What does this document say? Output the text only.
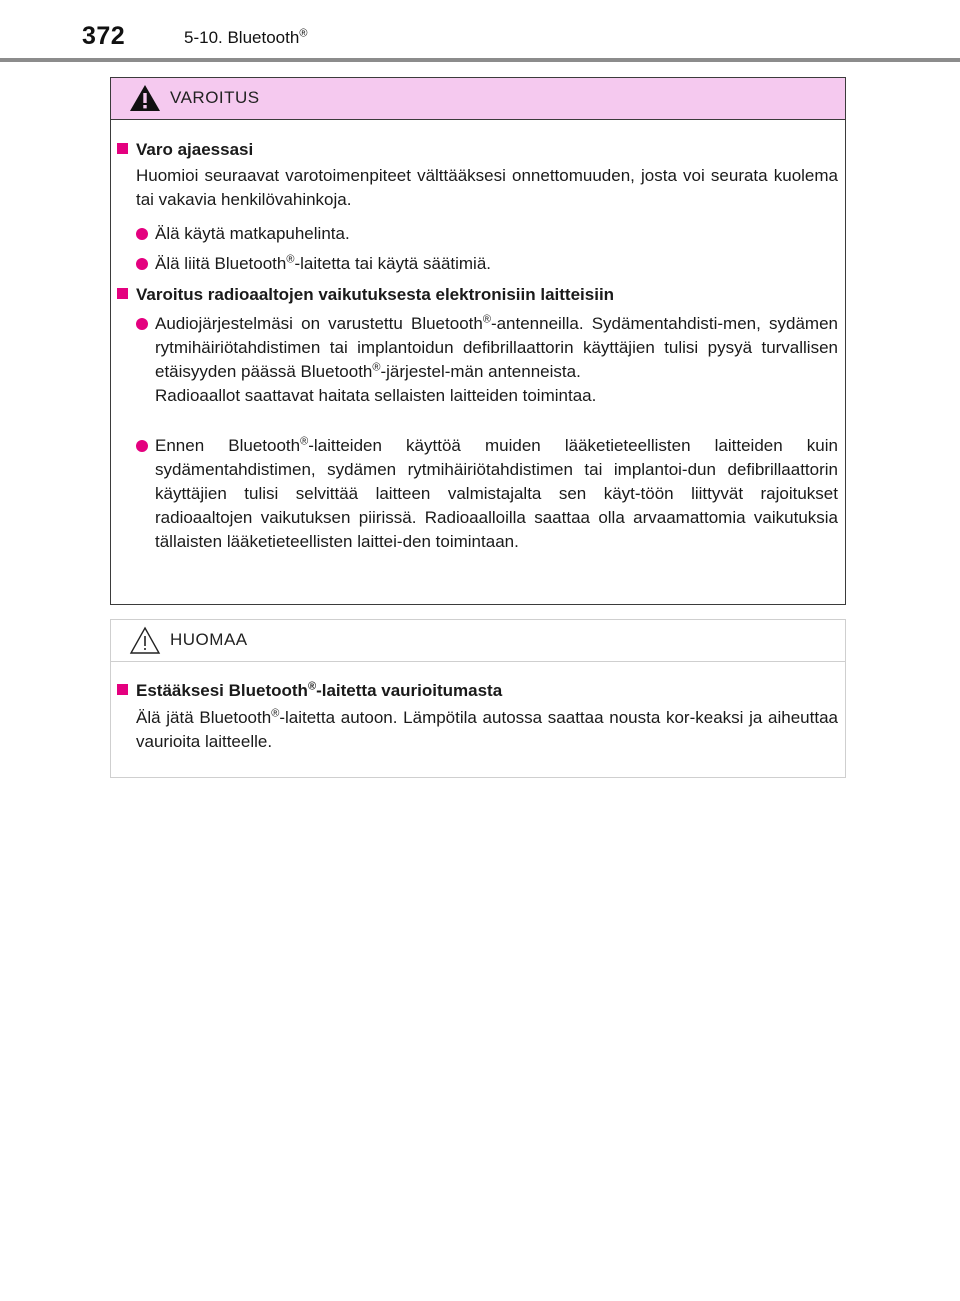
372	5-10. Bluetooth®
VAROITUS
Varo ajaessasi
Huomioi seuraavat varotoimenpiteet välttääksesi onnettomuuden, josta voi seurata kuolema tai vakavia henkilövahinkoja.
Älä käytä matkapuhelinta.
Älä liitä Bluetooth®-laitetta tai käytä säätimiä.
Varoitus radioaaltojen vaikutuksesta elektronisiin laitteisiin
Audiojärjestelmäsi on varustettu Bluetooth®-antenneilla. Sydämentahdisti-men, sydämen rytmihäiriötahdistimen tai implantoidun defibrillaattorin käyttäjien tulisi pysyä turvallisen etäisyyden päässä Bluetooth®-järjestel-män antenneista.
Radioaallot saattavat haitata sellaisten laitteiden toimintaa.
Ennen Bluetooth®-laitteiden käyttöä muiden lääketieteellisten laitteiden kuin sydämentahdistimen, sydämen rytmihäiriötahdistimen tai implantoi-dun defibrillaattorin käyttäjien tulisi selvittää laitteen valmistajalta sen käyt-töön liittyvät rajoitukset radioaaltojen vaikutuksen piirissä. Radioaalloilla saattaa olla arvaamattomia vaikutuksia tällaisten lääketieteellisten laittei-den toimintaan.
HUOMAA
Estääksesi Bluetooth®-laitetta vaurioitumasta
Älä jätä Bluetooth®-laitetta autoon. Lämpötila autossa saattaa nousta kor-keaksi ja aiheuttaa vaurioita laitteelle.
